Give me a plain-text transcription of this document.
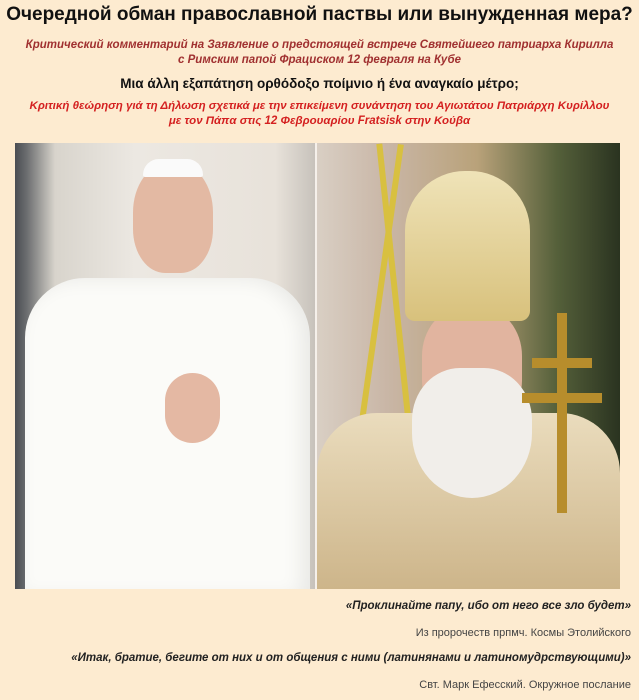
Очередной обман православной паствы или вынужденная мера?
Критический комментарий на Заявление о предстоящей встрече Святейшего патриарха Кирилла
с Римским папой Фрациском 12 февраля на Кубе
Μια άλλη εξαπάτηση ορθόδοξο ποίμνιο ή ένα αναγκαίο μέτρο;
Κριτική θεώρηση γιά τη Δήλωση σχετικά με την επικείμενη συνάντηση του Αγιωτάτου Πατριάρχη Κυρίλλου
με τον Πάπα στις 12 Φεβρουαρίου Fratsisk στην Κούβα
«Проклинайте папу, ибо от него все зло будет»
Из пророчеств прпмч. Космы Этолийского
«Итак, братие, бегите от них и от общения с ними (латинянами и латиномудрствующими)»
Свт. Марк Ефесский. Окружное послание
